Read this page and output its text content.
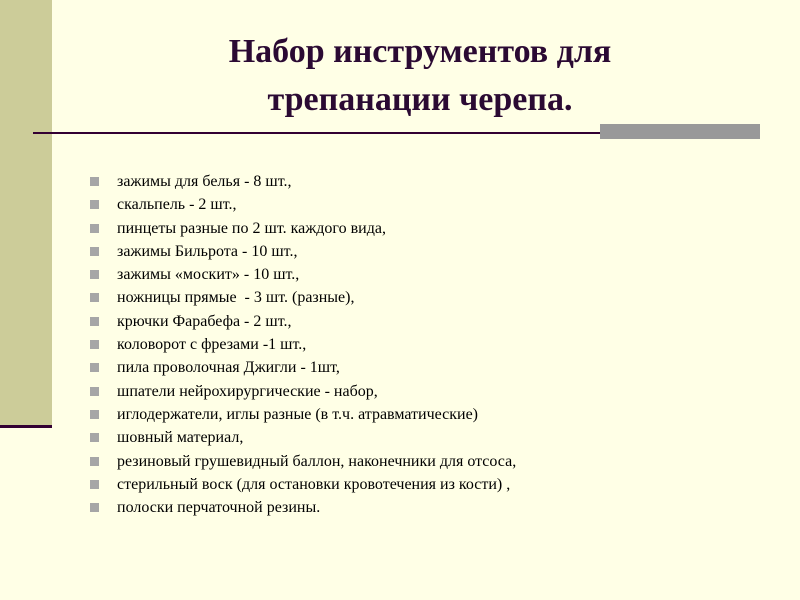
Набор инструментов для
трепанации черепа.
зажимы для белья - 8 шт.,
скальпель - 2 шт.,
пинцеты разные по 2 шт. каждого вида,
зажимы Бильрота - 10 шт.,
зажимы «москит» - 10 шт.,
ножницы прямые  - 3 шт. (разные),
крючки Фарабефа - 2 шт.,
коловорот с фрезами -1 шт.,
пила проволочная Джигли - 1шт,
шпатели нейрохирургические - набор,
иглодержатели, иглы разные (в т.ч. атравматические)
шовный материал,
резиновый грушевидный баллон, наконечники для отсоса,
стерильный воск (для остановки кровотечения из кости) ,
полоски перчаточной резины.
